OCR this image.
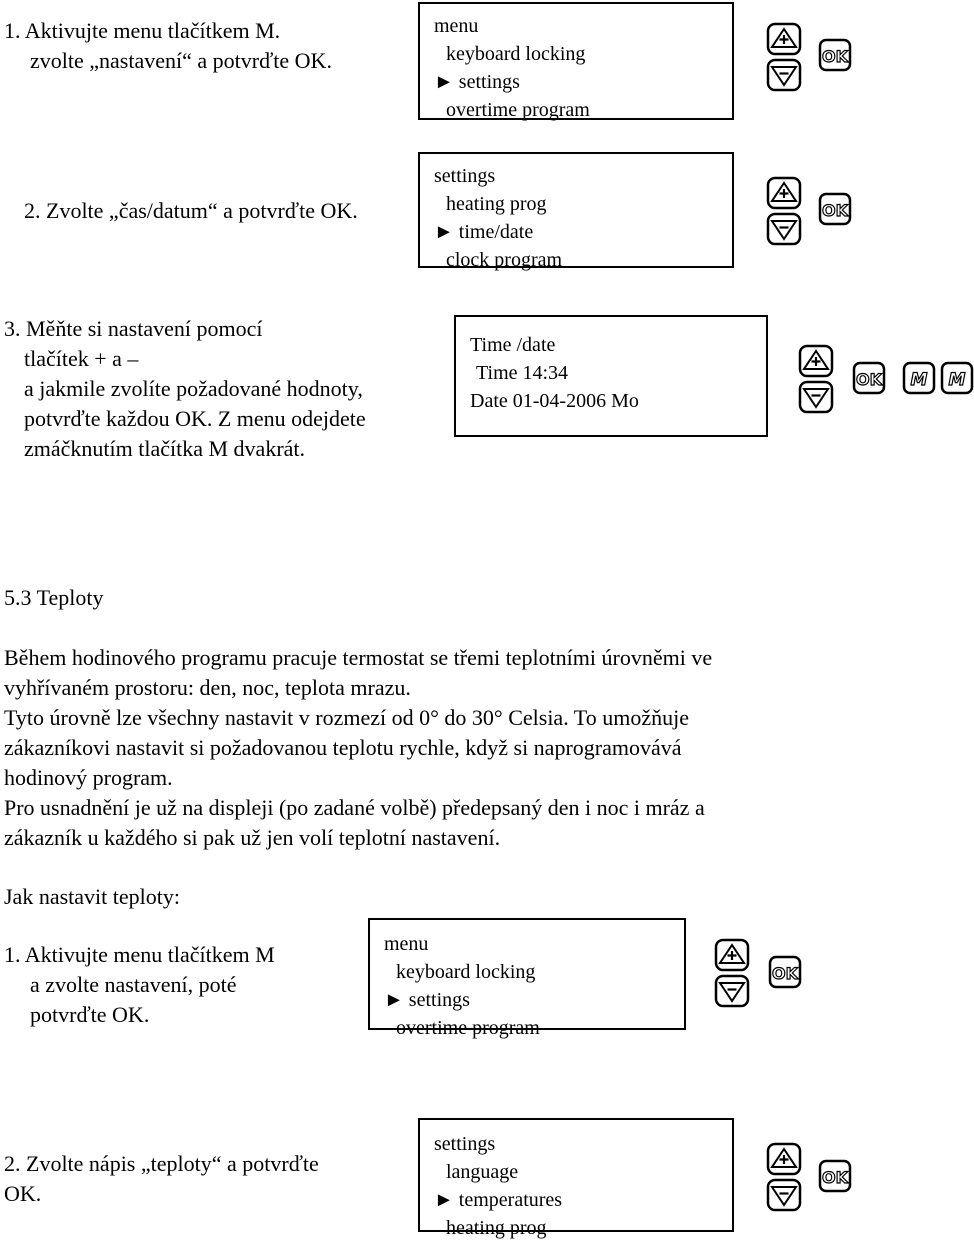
1. Aktivujte menu tlačítkem M.
zvolte „nastavení“ a potvrďte OK.
menu
keyboard locking
► settings
overtime program
OK
2. Zvolte „čas/datum“ a potvrďte OK.
settings
heating prog
► time/date
clock program
OK
3. Měňte si nastavení pomocí
tlačítek + a –
a jakmile zvolíte požadované hodnoty,
potvrďte každou OK. Z menu odejdete
zmáčknutím tlačítka M dvakrát.
Time /date
Time 14:34
Date 01-04-2006 Mo
OK M M
5.3 Teploty
Během hodinového programu pracuje termostat se třemi teplotními úrovněmi ve
vyhřívaném prostoru: den, noc, teplota mrazu.
Tyto úrovně lze všechny nastavit v rozmezí od 0° do 30° Celsia. To umožňuje
zákazníkovi nastavit si požadovanou teplotu rychle, když si naprogramovává
hodinový program.
Pro usnadnění je už na displeji (po zadané volbě) předepsaný den i noc i mráz a
zákazník u každého si pak už jen volí teplotní nastavení.
Jak nastavit teploty:
1. Aktivujte menu tlačítkem M
a zvolte nastavení, poté
potvrďte OK.
menu
keyboard locking
► settings
overtime program
OK
2. Zvolte nápis „teploty“ a potvrďte
OK.
settings
language
► temperatures
heating prog
OK
